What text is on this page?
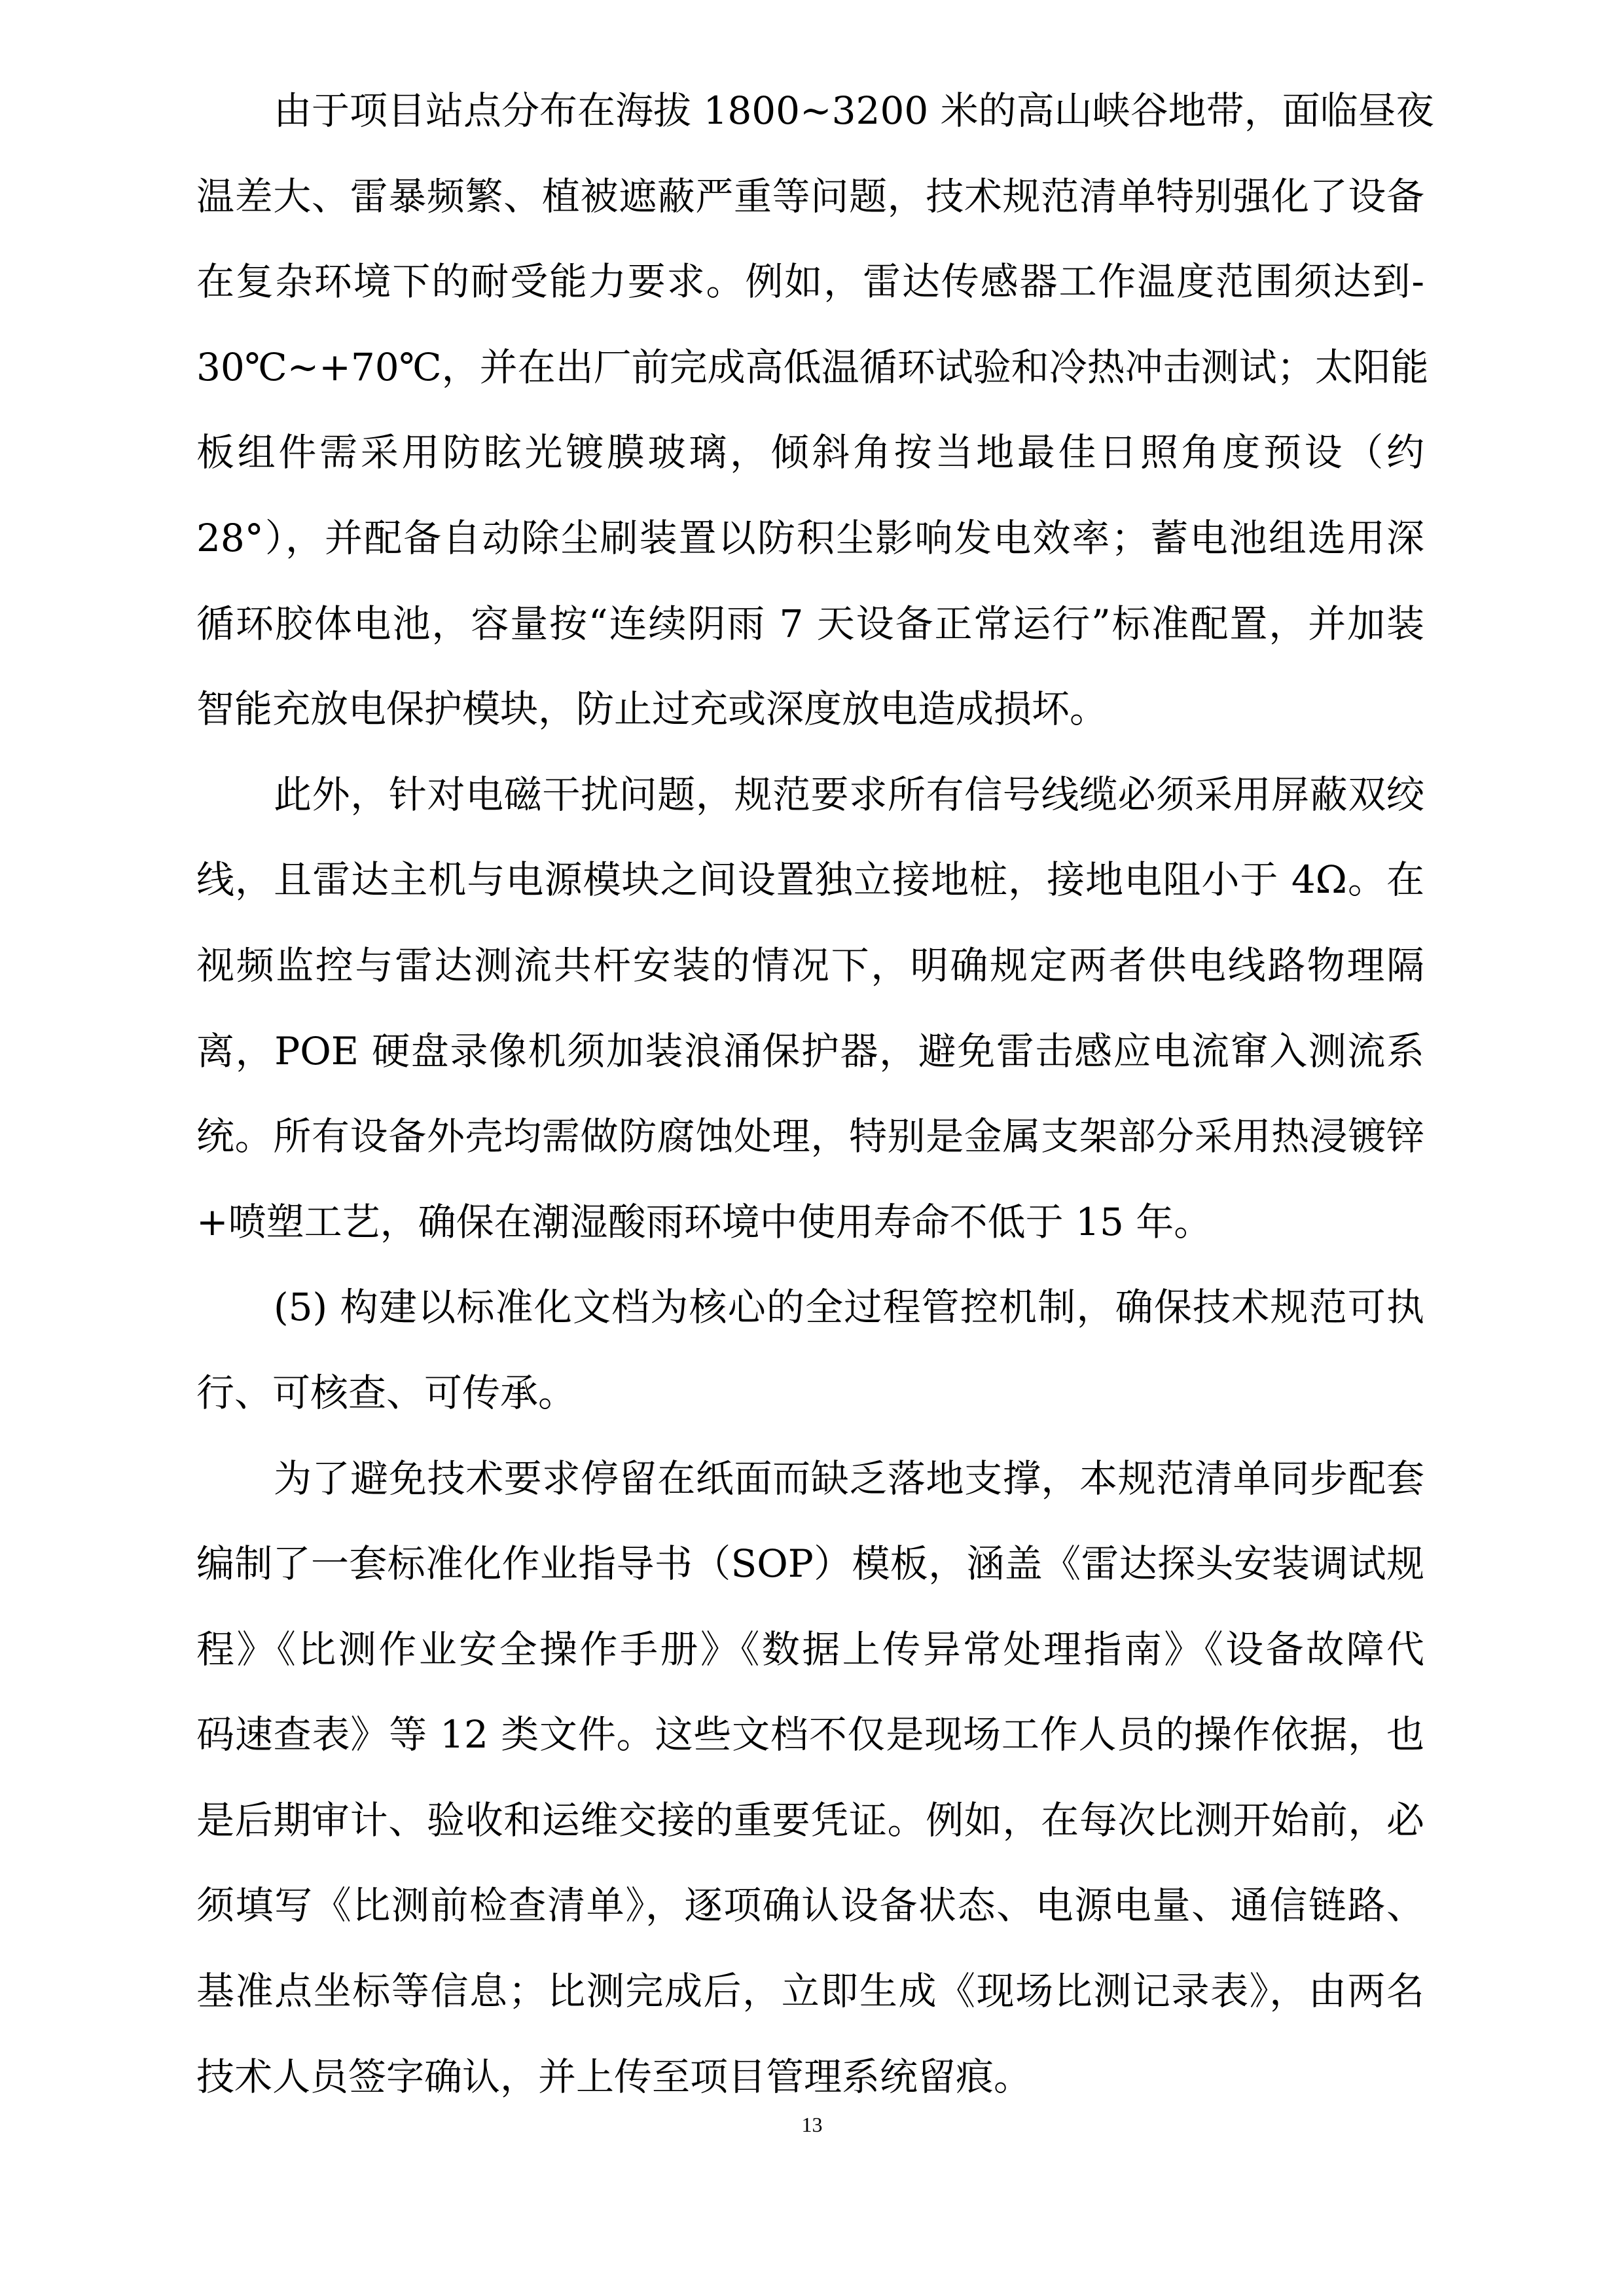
由于项目站点分布在海拔 1800~3200 米的高山峡谷地带，面临昼夜
温差大、雷暴频繁、植被遮蔽严重等问题，技术规范清单特别强化了设备
在复杂环境下的耐受能力要求。例如，雷达传感器工作温度范围须达到-
30℃~+70℃，并在出厂前完成高低温循环试验和冷热冲击测试；太阳能
板组件需采用防眩光镀膜玻璃，倾斜角按当地最佳日照角度预设（约
28°），并配备自动除尘刷装置以防积尘影响发电效率；蓄电池组选用深
循环胶体电池，容量按“连续阴雨 7 天设备正常运行”标准配置，并加装
智能充放电保护模块，防止过充或深度放电造成损坏。
此外，针对电磁干扰问题，规范要求所有信号线缆必须采用屏蔽双绞
线，且雷达主机与电源模块之间设置独立接地桩，接地电阻小于 4Ω。在
视频监控与雷达测流共杆安装的情况下，明确规定两者供电线路物理隔
离，POE 硬盘录像机须加装浪涌保护器，避免雷击感应电流窜入测流系
统。所有设备外壳均需做防腐蚀处理，特别是金属支架部分采用热浸镀锌
+喷塑工艺，确保在潮湿酸雨环境中使用寿命不低于 15 年。
(5) 构建以标准化文档为核心的全过程管控机制，确保技术规范可执
行、可核查、可传承。
为了避免技术要求停留在纸面而缺乏落地支撑，本规范清单同步配套
编制了一套标准化作业指导书（SOP）模板，涵盖《雷达探头安装调试规
程》《比测作业安全操作手册》《数据上传异常处理指南》《设备故障代
码速查表》等 12 类文件。这些文档不仅是现场工作人员的操作依据，也
是后期审计、验收和运维交接的重要凭证。例如，在每次比测开始前，必
须填写《比测前检查清单》，逐项确认设备状态、电源电量、通信链路、
基准点坐标等信息；比测完成后，立即生成《现场比测记录表》，由两名
技术人员签字确认，并上传至项目管理系统留痕。
13
